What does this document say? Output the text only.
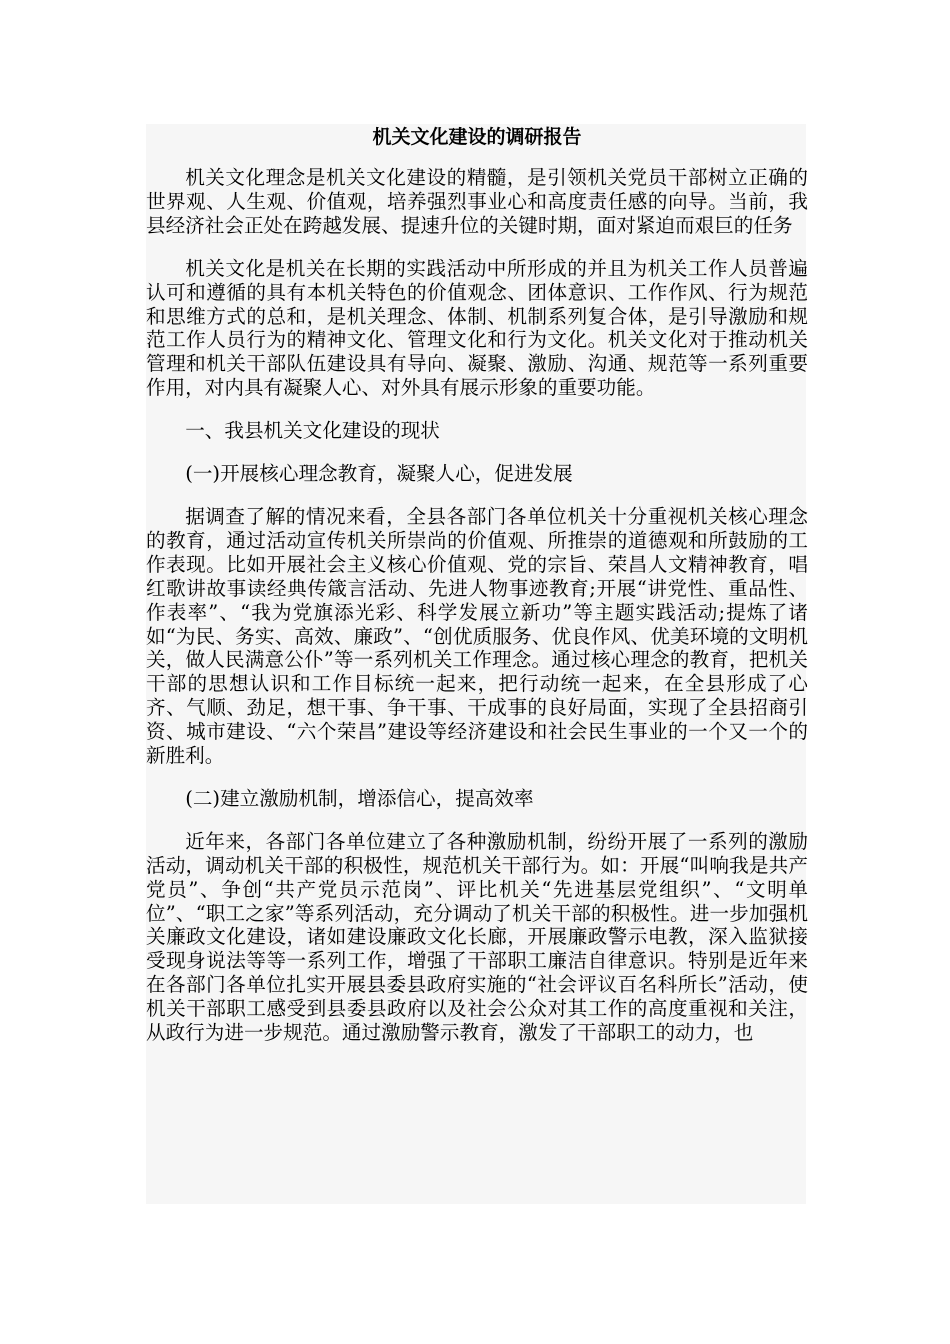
机关文化建设的调研报告
机关文化理念是机关文化建设的精髓，是引领机关党员干部树立正确的世界观、人生观、价值观，培养强烈事业心和高度责任感的向导。当前，我县经济社会正处在跨越发展、提速升位的关键时期，面对紧迫而艰巨的任务
机关文化是机关在长期的实践活动中所形成的并且为机关工作人员普遍认可和遵循的具有本机关特色的价值观念、团体意识、工作作风、行为规范和思维方式的总和，是机关理念、体制、机制系列复合体，是引导激励和规范工作人员行为的精神文化、管理文化和行为文化。机关文化对于推动机关管理和机关干部队伍建设具有导向、凝聚、激励、沟通、规范等一系列重要作用，对内具有凝聚人心、对外具有展示形象的重要功能。
一、我县机关文化建设的现状
(一)开展核心理念教育，凝聚人心，促进发展
据调查了解的情况来看，全县各部门各单位机关十分重视机关核心理念的教育，通过活动宣传机关所崇尚的价值观、所推崇的道德观和所鼓励的工作表现。比如开展社会主义核心价值观、党的宗旨、荣昌人文精神教育，唱红歌讲故事读经典传箴言活动、先进人物事迹教育;开展“讲党性、重品性、作表率”、“我为党旗添光彩、科学发展立新功”等主题实践活动;提炼了诸如“为民、务实、高效、廉政”、“创优质服务、优良作风、优美环境的文明机关，做人民满意公仆”等一系列机关工作理念。通过核心理念的教育，把机关干部的思想认识和工作目标统一起来，把行动统一起来，在全县形成了心齐、气顺、劲足，想干事、争干事、干成事的良好局面，实现了全县招商引资、城市建设、“六个荣昌”建设等经济建设和社会民生事业的一个又一个的新胜利。
(二)建立激励机制，增添信心，提高效率
近年来，各部门各单位建立了各种激励机制，纷纷开展了一系列的激励活动，调动机关干部的积极性，规范机关干部行为。如：开展“叫响我是共产党员”、争创“共产党员示范岗”、评比机关“先进基层党组织”、“文明单位”、“职工之家”等系列活动，充分调动了机关干部的积极性。进一步加强机关廉政文化建设，诸如建设廉政文化长廊，开展廉政警示电教，深入监狱接受现身说法等等一系列工作，增强了干部职工廉洁自律意识。特别是近年来在各部门各单位扎实开展县委县政府实施的“社会评议百名科所长”活动，使机关干部职工感受到县委县政府以及社会公众对其工作的高度重视和关注，从政行为进一步规范。通过激励警示教育，激发了干部职工的动力，也
